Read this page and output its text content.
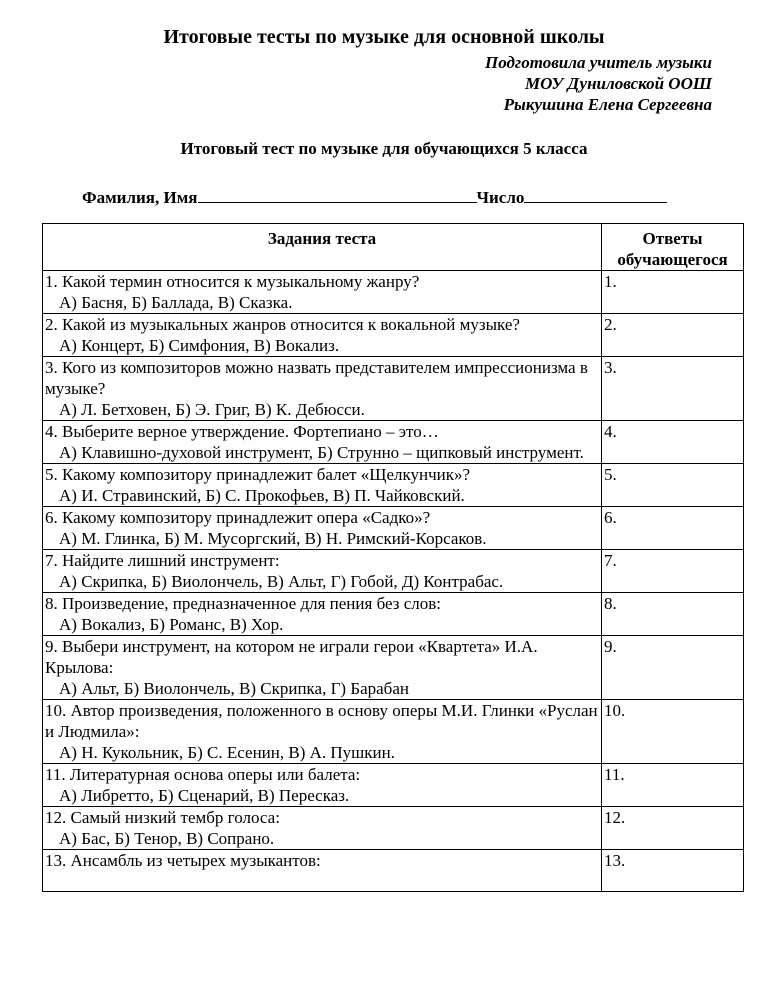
Итоговые тесты по музыке для основной школы
Подготовила учитель музыки
МОУ Дуниловской ООШ
Рыкушина Елена Сергеевна
Итоговый тест по музыке для обучающихся 5 класса
Фамилия, Имя	Число
Задания теста	Ответы
обучающегося

1. Какой термин относится к музыкальному жанру?
А) Басня, Б) Баллада, В) Сказка.	1.

2. Какой из музыкальных жанров относится к вокальной музыке?
А) Концерт, Б) Симфония, В) Вокализ.	2.

3. Кого из композиторов можно назвать представителем импрессионизма в музыке?
А) Л. Бетховен, Б) Э. Григ, В) К. Дебюсси.	3.

4. Выберите верное утверждение. Фортепиано – это…
А) Клавишно-духовой инструмент, Б) Струнно – щипковый инструмент.	4.

5. Какому композитору принадлежит балет «Щелкунчик»?
А) И. Стравинский, Б) С. Прокофьев, В) П. Чайковский.	5.

6. Какому композитору принадлежит опера «Садко»?
А) М. Глинка, Б) М. Мусоргский, В) Н. Римский-Корсаков.	6.

7. Найдите лишний инструмент:
А) Скрипка, Б) Виолончель, В) Альт, Г) Гобой, Д) Контрабас.	7.

8. Произведение, предназначенное для пения без слов:
А) Вокализ, Б) Романс, В) Хор.	8.

9. Выбери инструмент, на котором не играли герои «Квартета» И.А. Крылова:
А) Альт, Б) Виолончель, В) Скрипка, Г) Барабан	9.

10. Автор произведения, положенного в основу оперы М.И. Глинки «Руслан и Людмила»:
А) Н. Кукольник, Б) С. Есенин, В) А. Пушкин.	10.

11. Литературная основа оперы или балета:
А) Либретто, Б) Сценарий, В) Пересказ.	11.

12. Самый низкий тембр голоса:
А) Бас, Б) Тенор, В) Сопрано.	12.

13. Ансамбль из четырех музыкантов:	13.
